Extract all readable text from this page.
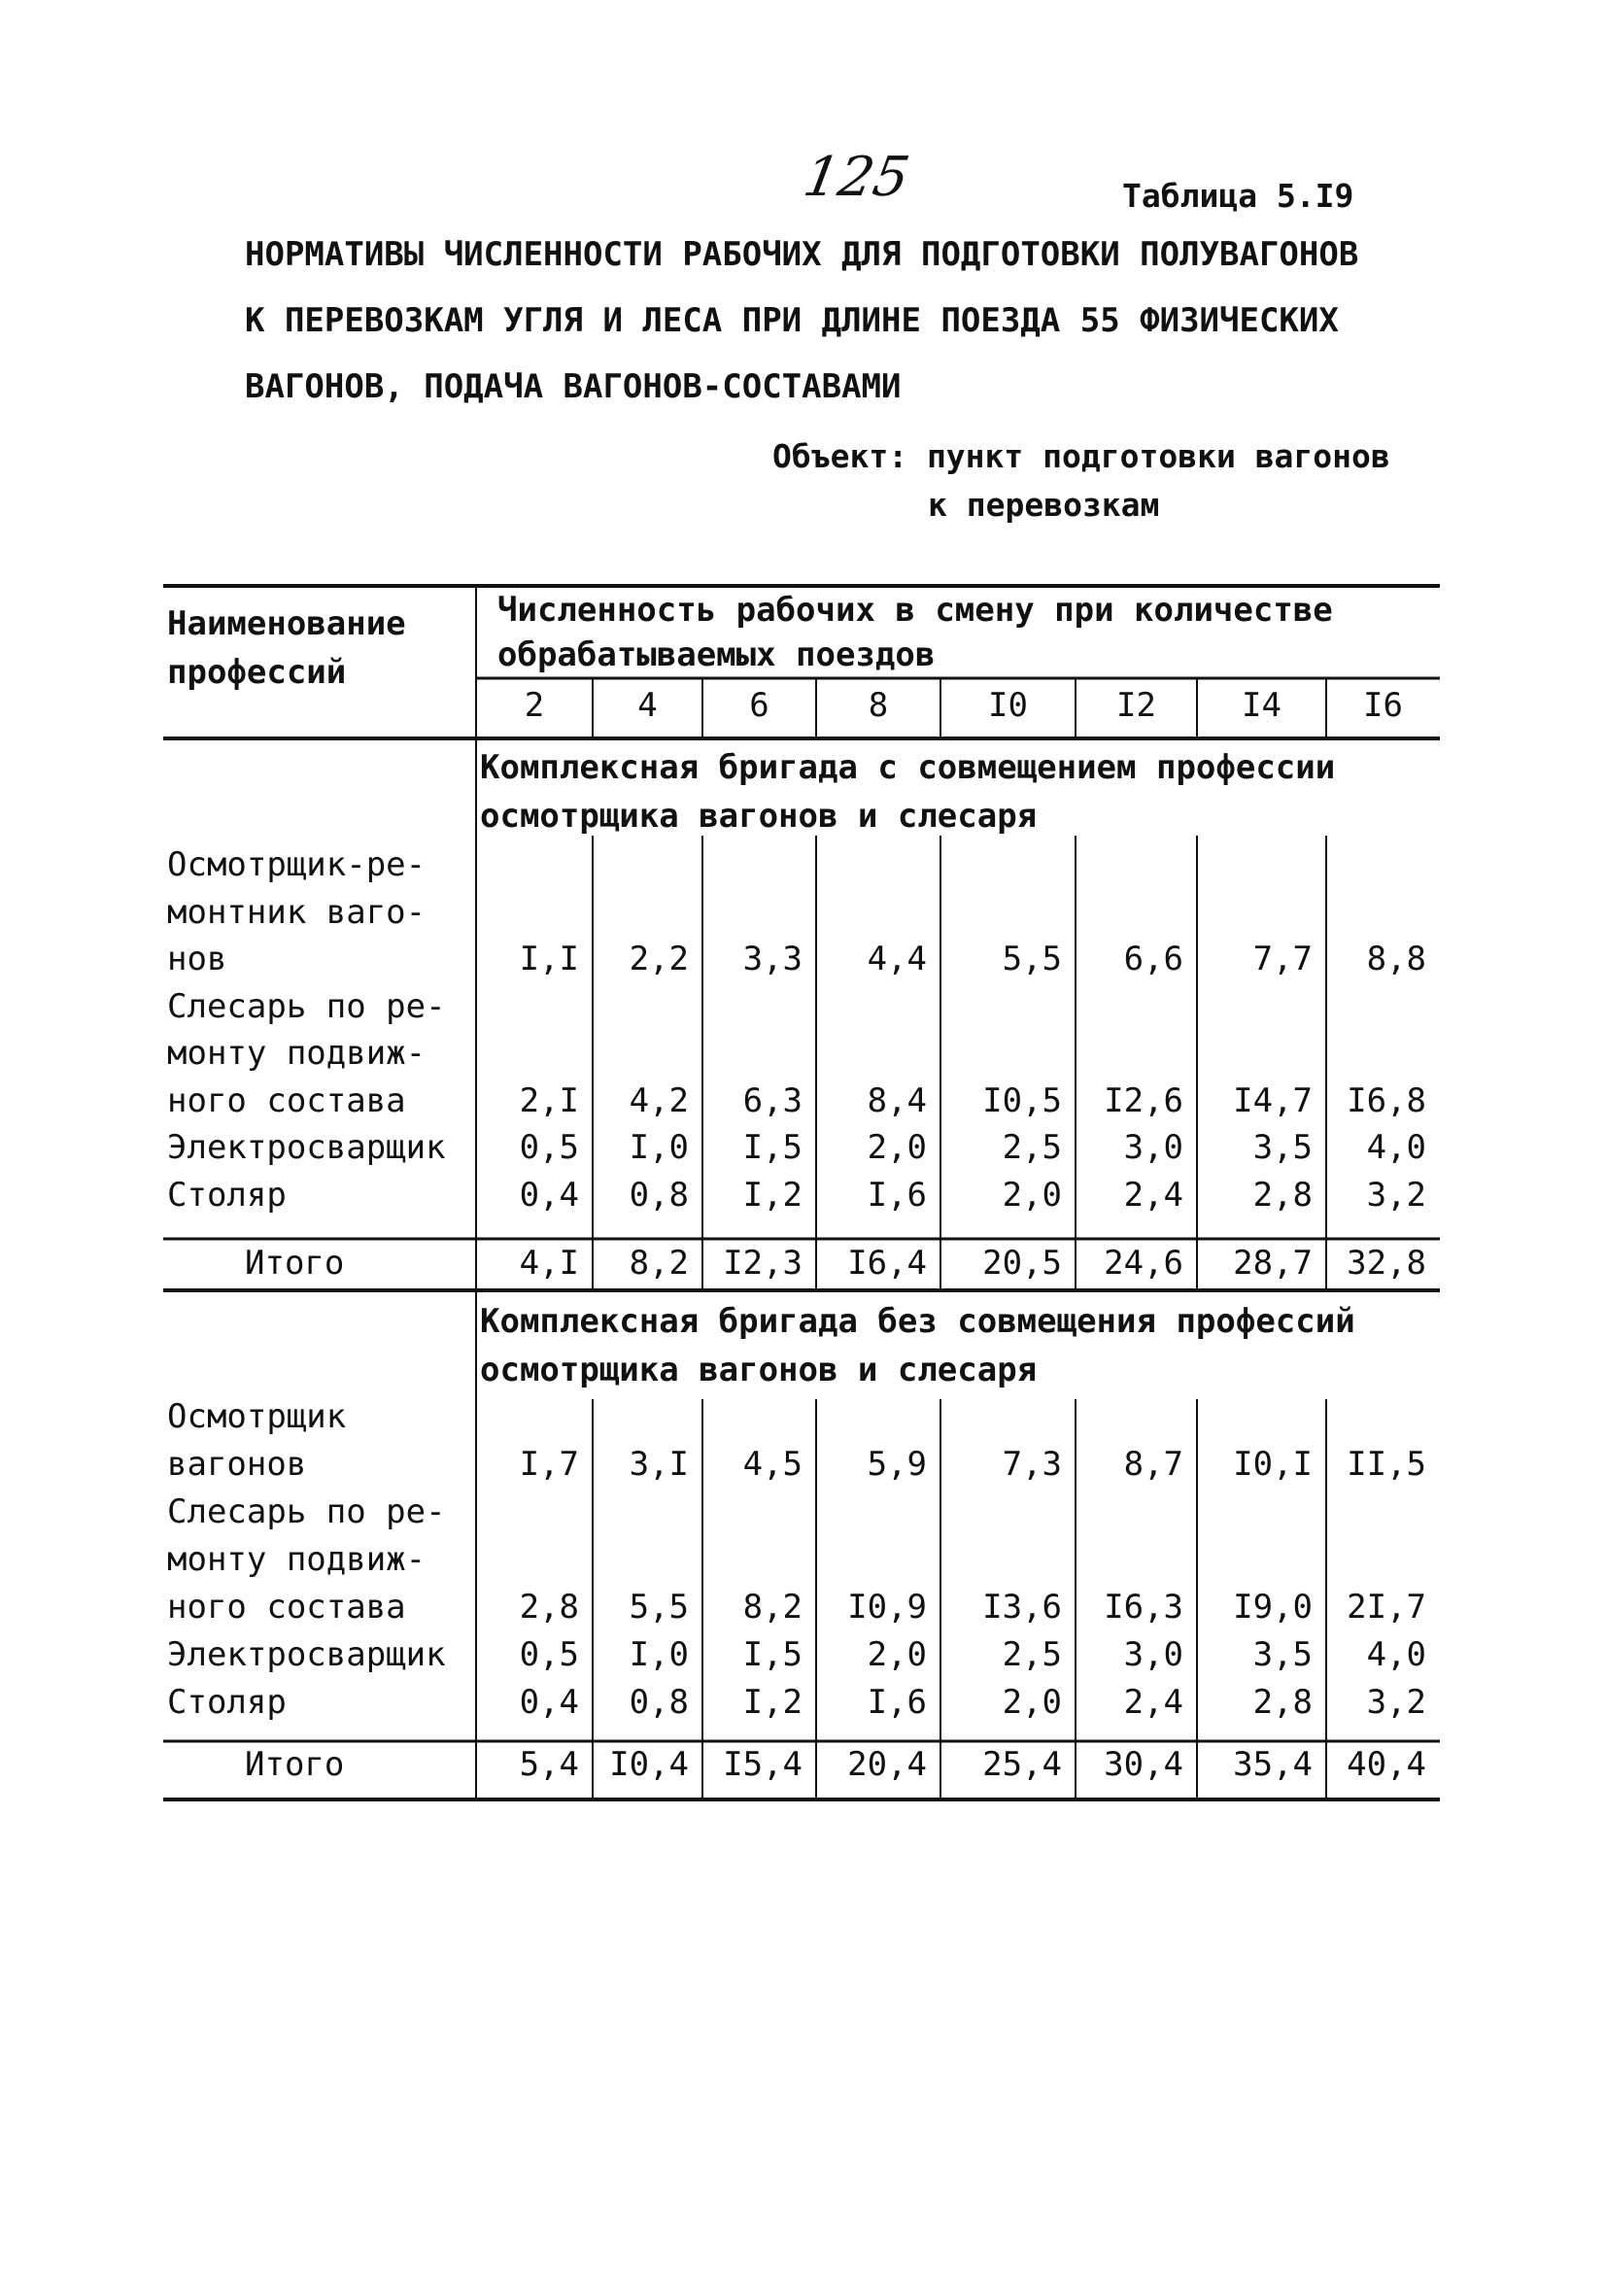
125	Таблица 5.I9
НОРМАТИВЫ ЧИСЛЕННОСТИ РАБОЧИХ ДЛЯ ПОДГОТОВКИ ПОЛУВАГОНОВ
К ПЕРЕВОЗКАМ УГЛЯ И ЛЕСА ПРИ ДЛИНЕ ПОЕЗДА 55 ФИЗИЧЕСКИХ
ВАГОНОВ, ПОДАЧА ВАГОНОВ-СОСТАВАМИ
Объект: пункт подготовки вагонов
к перевозкам
Наименование
профессий
Численность рабочих в смену при количестве
обрабатываемых поездов
2	4	6	8	I0	I2	I4 I6
Комплексная бригада с совмещением профессии
осмотрщика вагонов и слесаря
Осмотрщик-ре-
монтник ваго-
нов	I,I 2,2 3,3 4,4 5,5 6,6 7,7 8,8
Слесарь по ре-
монту подвиж-
ного состава	2,I 4,2 6,3 8,4 I0,5 I2,6 I4,7 I6,8
Электросварщик 0,5 I,0 I,5 2,0 2,5 3,0 3,5 4,0
Столяр	0,4 0,8 I,2 I,6 2,0 2,4 2,8 3,2
Итого	4,I 8,2 I2,3 I6,4 20,5 24,6 28,7 32,8
Комплексная бригада без совмещения профессий
осмотрщика вагонов и слесаря
Осмотрщик
вагонов	I,7 3,I 4,5 5,9 7,3 8,7 I0,I II,5
Слесарь по ре-
монту подвиж-
ного состава	2,8 5,5 8,2 I0,9 I3,6 I6,3 I9,0 2I,7
Электросварщик 0,5 I,0 I,5 2,0 2,5 3,0 3,5 4,0
Столяр	0,4 0,8 I,2 I,6 2,0 2,4 2,8 3,2
Итого	5,4 I0,4 I5,4 20,4 25,4 30,4 35,4 40,4
